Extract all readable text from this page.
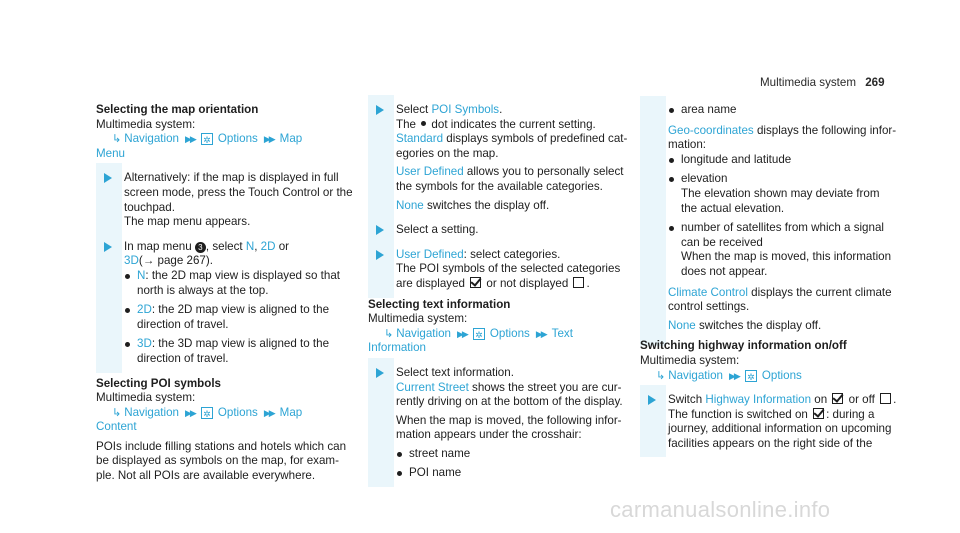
Multimedia system 269

Selecting the map orientation

Multimedia system:

↳ Navigation ▶▶ ✲ Options ▶▶ Map

Menu

Alternatively: if the map is displayed in full
screen mode, press the Touch Control or the
touchpad.
The map menu appears.
In map menu 3 , select N, 2D or
3D(→ page 267).
N: the 2D map view is displayed so that
north is always at the top.
2D: the 2D map view is aligned to the
direction of travel.
3D: the 3D map view is aligned to the
direction of travel.

Selecting POI symbols

Multimedia system:

↳ Navigation ▶▶ ✲ Options ▶▶ Map

Content

POIs include filling stations and hotels which can
be displayed as symbols on the map, for exam-
ple. Not all POIs are available everywhere.

Select POI Symbols.
The  dot indicates the current setting.
Standard displays symbols of predefined cat-
egories on the map.
User Defined allows you to personally select
the symbols for the available categories.
None switches the display off.
Select a setting.
User Defined: select categories.
The POI symbols of the selected categories
are displayed  or not displayed .

Selecting text information

Multimedia system:

↳ Navigation ▶▶ ✲ Options ▶▶ Text

Information

Select text information.
Current Street shows the street you are cur-
rently driving on at the bottom of the display.
When the map is moved, the following infor-
mation appears under the crosshair:
street name
POI name
area name
Geo-coordinates displays the following infor-
mation:
longitude and latitude
elevation
The elevation shown may deviate from
the actual elevation.
number of satellites from which a signal
can be received
When the map is moved, this information
does not appear.
Climate Control displays the current climate
control settings.
None switches the display off.

Switching highway information on/off

Multimedia system:

↳ Navigation ▶▶ ✲ Options

Switch Highway Information on  or off .
The function is switched on : during a
journey, additional information on upcoming
facilities appears on the right side of the
carmanualsonline.info
